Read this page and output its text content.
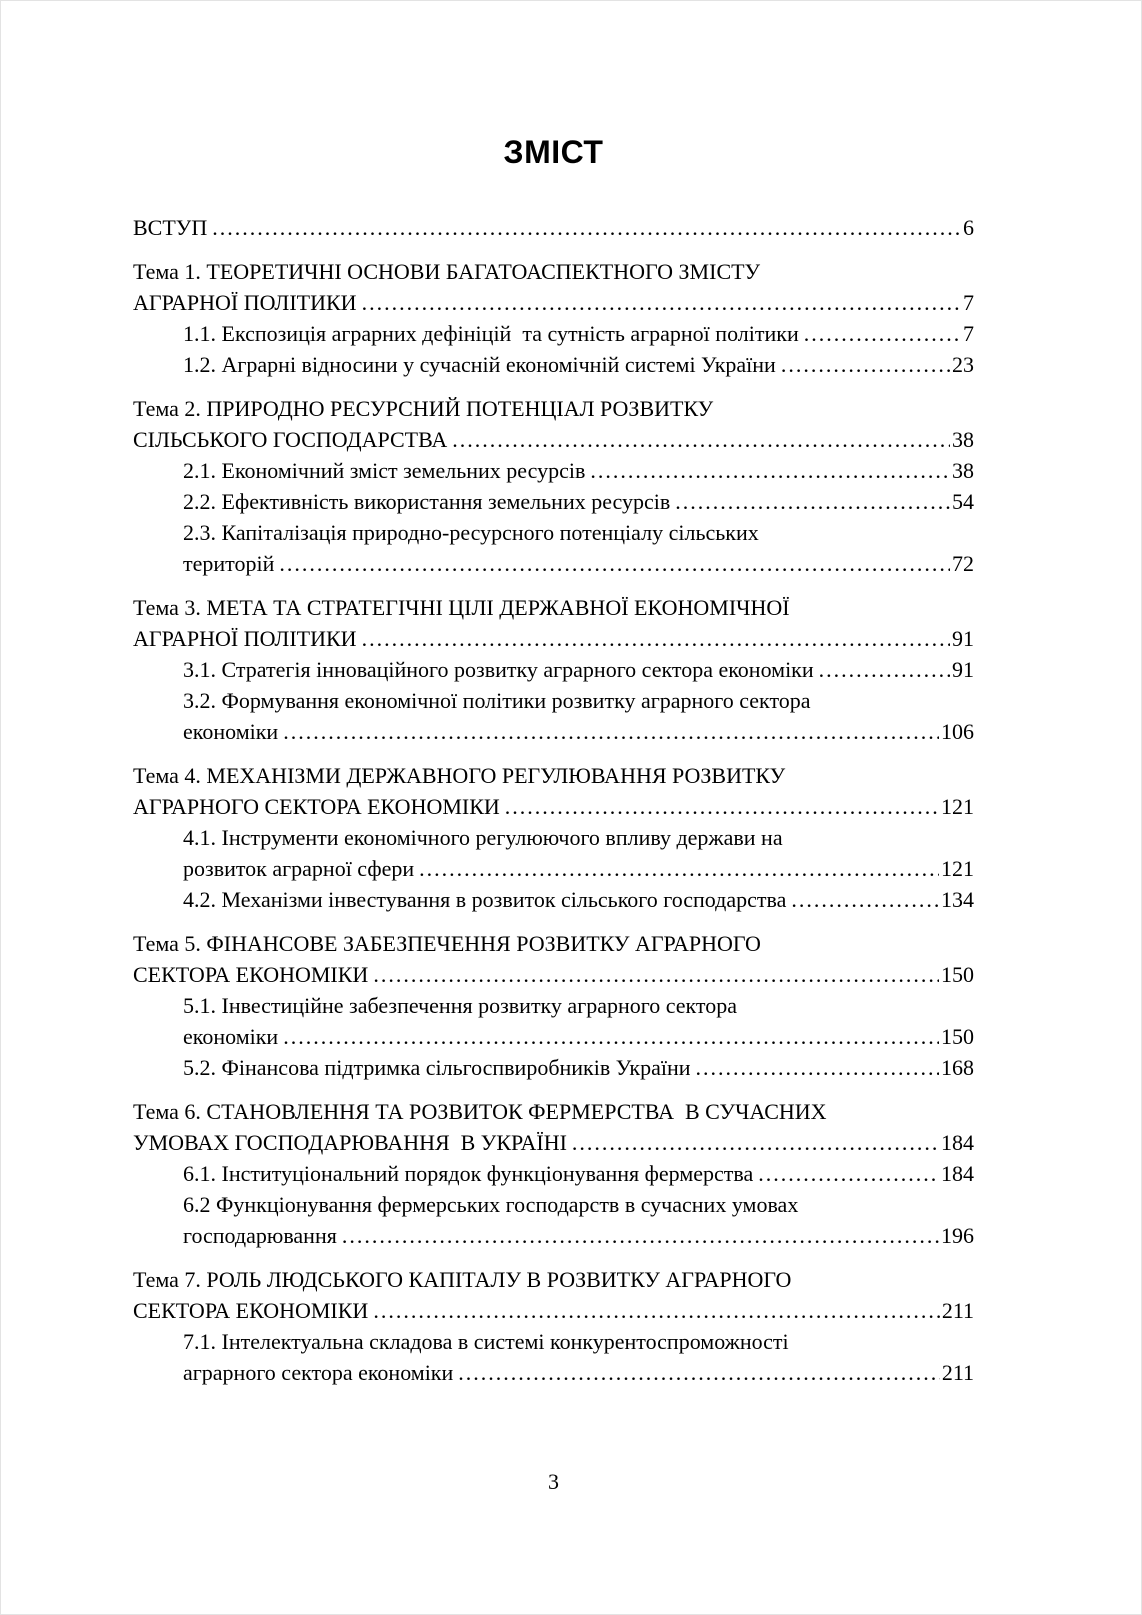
ЗМІСТ
ВСТУП .....	6
Тема 1. ТЕОРЕТИЧНІ ОСНОВИ БАГАТОАСПЕКТНОГО ЗМІСТУ
АГРАРНОЇ ПОЛІТИКИ .....	7
1.1. Експозиція аграрних дефініцій  та сутність аграрної політики .....	7
1.2. Аграрні відносини у сучасній економічній системі України .....	23
Тема 2. ПРИРОДНО РЕСУРСНИЙ ПОТЕНЦІАЛ РОЗВИТКУ
СІЛЬСЬКОГО ГОСПОДАРСТВА .....	38
2.1. Економічний зміст земельних ресурсів .....	38
2.2. Ефективність використання земельних ресурсів .....	54
2.3. Капіталізація природно-ресурсного потенціалу сільських
територій .....	72
Тема 3. МЕТА ТА СТРАТЕГІЧНІ ЦІЛІ ДЕРЖАВНОЇ ЕКОНОМІЧНОЇ
АГРАРНОЇ ПОЛІТИКИ .....	91
3.1. Стратегія інноваційного розвитку аграрного сектора економіки .....	91
3.2. Формування економічної політики розвитку аграрного сектора
економіки .....	106
Тема 4. МЕХАНІЗМИ ДЕРЖАВНОГО РЕГУЛЮВАННЯ РОЗВИТКУ
АГРАРНОГО СЕКТОРА ЕКОНОМІКИ .....	121
4.1. Інструменти економічного регулюючого впливу держави на
розвиток аграрної сфери .....	121
4.2. Механізми інвестування в розвиток сільського господарства .....	134
Тема 5. ФІНАНСОВЕ ЗАБЕЗПЕЧЕННЯ РОЗВИТКУ АГРАРНОГО
СЕКТОРА ЕКОНОМІКИ .....	150
5.1. Інвестиційне забезпечення розвитку аграрного сектора
економіки .....	150
5.2. Фінансова підтримка сільгоспвиробників України .....	168
Тема 6. СТАНОВЛЕННЯ ТА РОЗВИТОК ФЕРМЕРСТВА  В СУЧАСНИХ
УМОВАХ ГОСПОДАРЮВАННЯ  В УКРАЇНІ .....	184
6.1. Інституціональний порядок функціонування фермерства .....	184
6.2 Функціонування фермерських господарств в сучасних умовах
господарювання .....	196
Тема 7. РОЛЬ ЛЮДСЬКОГО КАПІТАЛУ В РОЗВИТКУ АГРАРНОГО
СЕКТОРА ЕКОНОМІКИ .....	211
7.1. Інтелектуальна складова в системі конкурентоспроможності
аграрного сектора економіки .....	211
3
